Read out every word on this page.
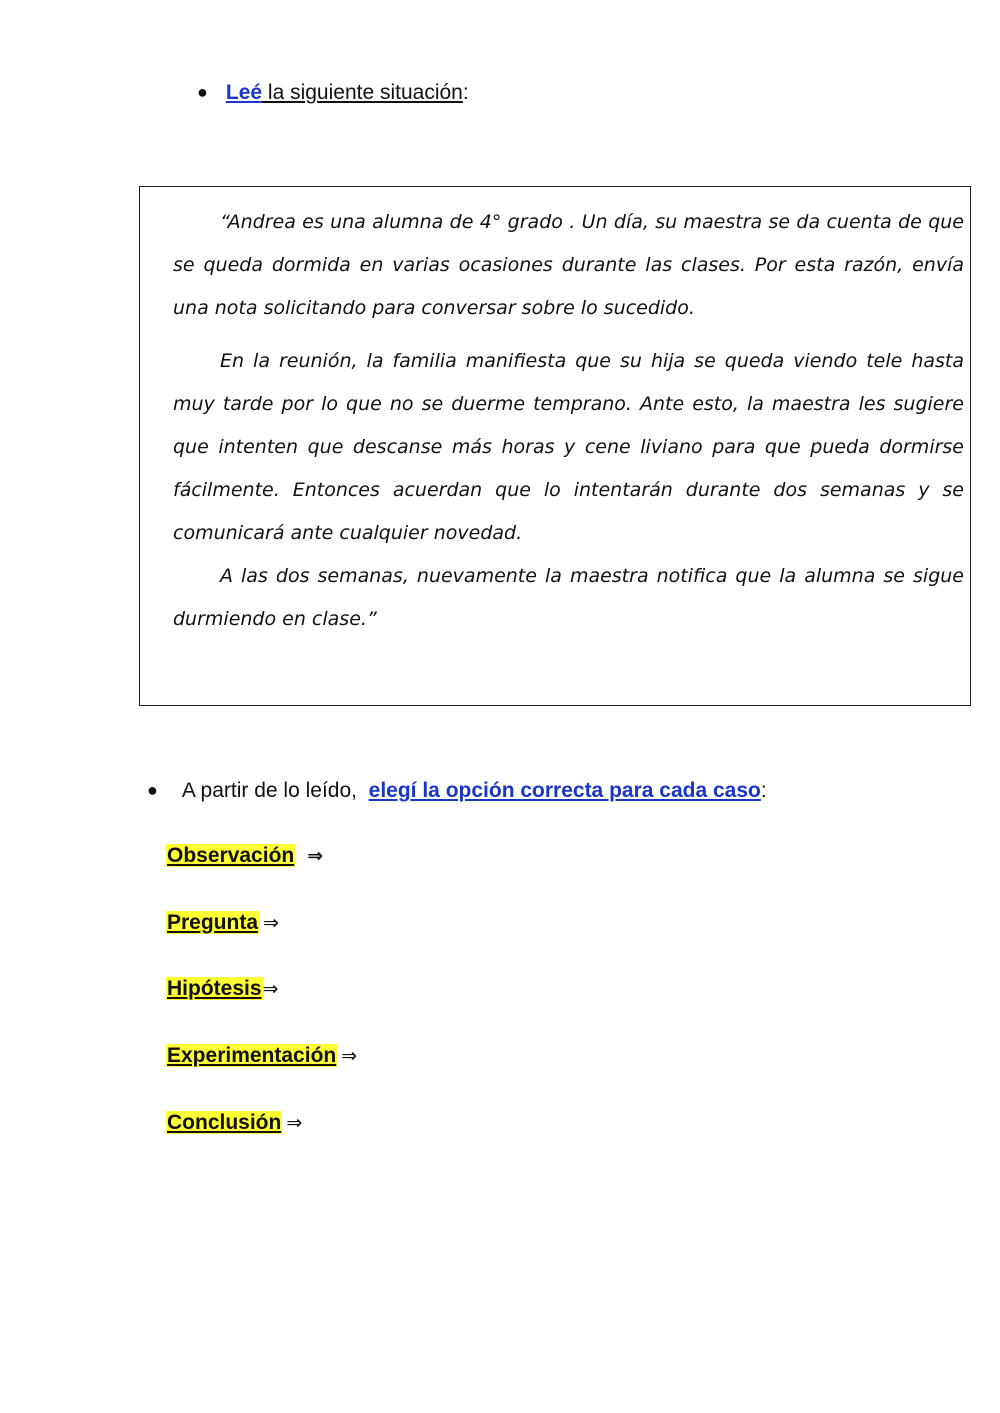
● Leé la siguiente situación:

“Andrea es una alumna de 4° grado . Un día, su maestra se da cuenta de que se queda dormida en varias ocasiones durante las clases. Por esta razón, envía una nota solicitando para conversar sobre lo sucedido.

En la reunión, la familia manifiesta que su hija se queda viendo tele hasta muy tarde por lo que no se duerme temprano. Ante esto, la maestra les sugiere que intenten que descanse más horas y cene liviano para que pueda dormirse fácilmente. Entonces acuerdan que lo intentarán durante dos semanas y se comunicará ante cualquier novedad.

A las dos semanas, nuevamente la maestra notifica que la alumna se sigue durmiendo en clase.”

● A partir de lo leído,  elegí la opción correcta para cada caso:
Observación ⇒
Pregunta ⇒
Hipótesis⇒
Experimentación ⇒
Conclusión ⇒
